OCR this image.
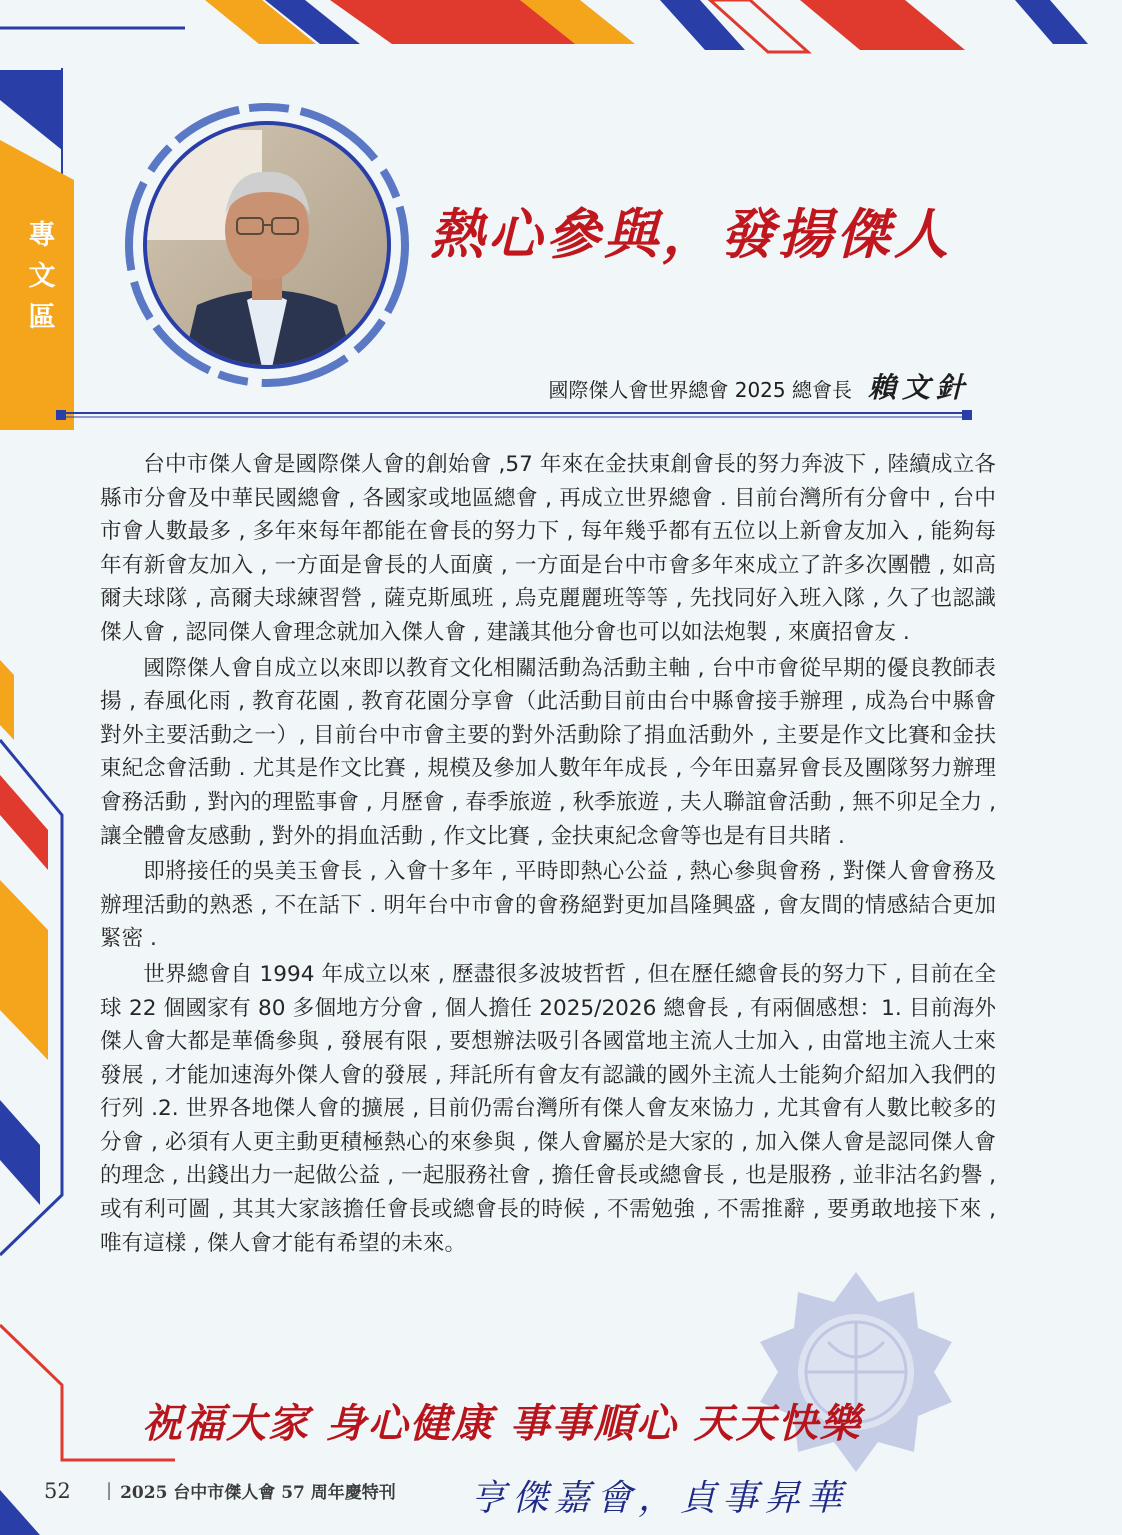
專
文
區
熱心參與，發揚傑人
國際傑人會世界總會 2025 總會長 賴文針

台中市傑人會是國際傑人會的創始會 ,57 年來在金扶東創會長的努力奔波下 , 陸續成立各縣市分會及中華民國總會 , 各國家或地區總會 , 再成立世界總會 . 目前台灣所有分會中 , 台中市會人數最多 , 多年來每年都能在會長的努力下 , 每年幾乎都有五位以上新會友加入 , 能夠每年有新會友加入 , 一方面是會長的人面廣 , 一方面是台中市會多年來成立了許多次團體 , 如高爾夫球隊 , 高爾夫球練習營 , 薩克斯風班 , 烏克麗麗班等等 , 先找同好入班入隊 , 久了也認識傑人會 , 認同傑人會理念就加入傑人會 , 建議其他分會也可以如法炮製 , 來廣招會友 .

國際傑人會自成立以來即以教育文化相關活動為活動主軸 , 台中市會從早期的優良教師表揚 , 春風化雨 , 教育花園 , 教育花園分享會（此活動目前由台中縣會接手辦理 , 成為台中縣會對外主要活動之一）, 目前台中市會主要的對外活動除了捐血活動外 , 主要是作文比賽和金扶東紀念會活動 . 尤其是作文比賽 , 規模及參加人數年年成長 , 今年田嘉昇會長及團隊努力辦理會務活動 , 對內的理監事會 , 月歷會 , 春季旅遊 , 秋季旅遊 , 夫人聯誼會活動 , 無不卯足全力 , 讓全體會友感動 , 對外的捐血活動 , 作文比賽 , 金扶東紀念會等也是有目共睹 .

即將接任的吳美玉會長 , 入會十多年 , 平時即熱心公益 , 熱心參與會務 , 對傑人會會務及辦理活動的熟悉 , 不在話下 . 明年台中市會的會務絕對更加昌隆興盛 , 會友間的情感結合更加緊密 .

世界總會自 1994 年成立以來 , 歷盡很多波坡哲哲 , 但在歷任總會長的努力下 , 目前在全球 22 個國家有 80 多個地方分會 , 個人擔任 2025/2026 總會長 , 有兩個感想：1. 目前海外傑人會大都是華僑參與 , 發展有限 , 要想辦法吸引各國當地主流人士加入 , 由當地主流人士來發展 , 才能加速海外傑人會的發展 , 拜託所有會友有認識的國外主流人士能夠介紹加入我們的行列 .2. 世界各地傑人會的擴展 , 目前仍需台灣所有傑人會友來協力 , 尤其會有人數比較多的分會 , 必須有人更主動更積極熱心的來參與 , 傑人會屬於是大家的 , 加入傑人會是認同傑人會的理念 , 出錢出力一起做公益 , 一起服務社會 , 擔任會長或總會長 , 也是服務 , 並非沽名釣譽 , 或有利可圖 , 其其大家該擔任會長或總會長的時候 , 不需勉強 , 不需推辭 , 要勇敢地接下來 , 唯有這樣 , 傑人會才能有希望的未來。

祝福大家 身心健康 事事順心 天天快樂
52	| 2025 台中市傑人會 57 周年慶特刊 亨傑嘉會，貞事昇華
